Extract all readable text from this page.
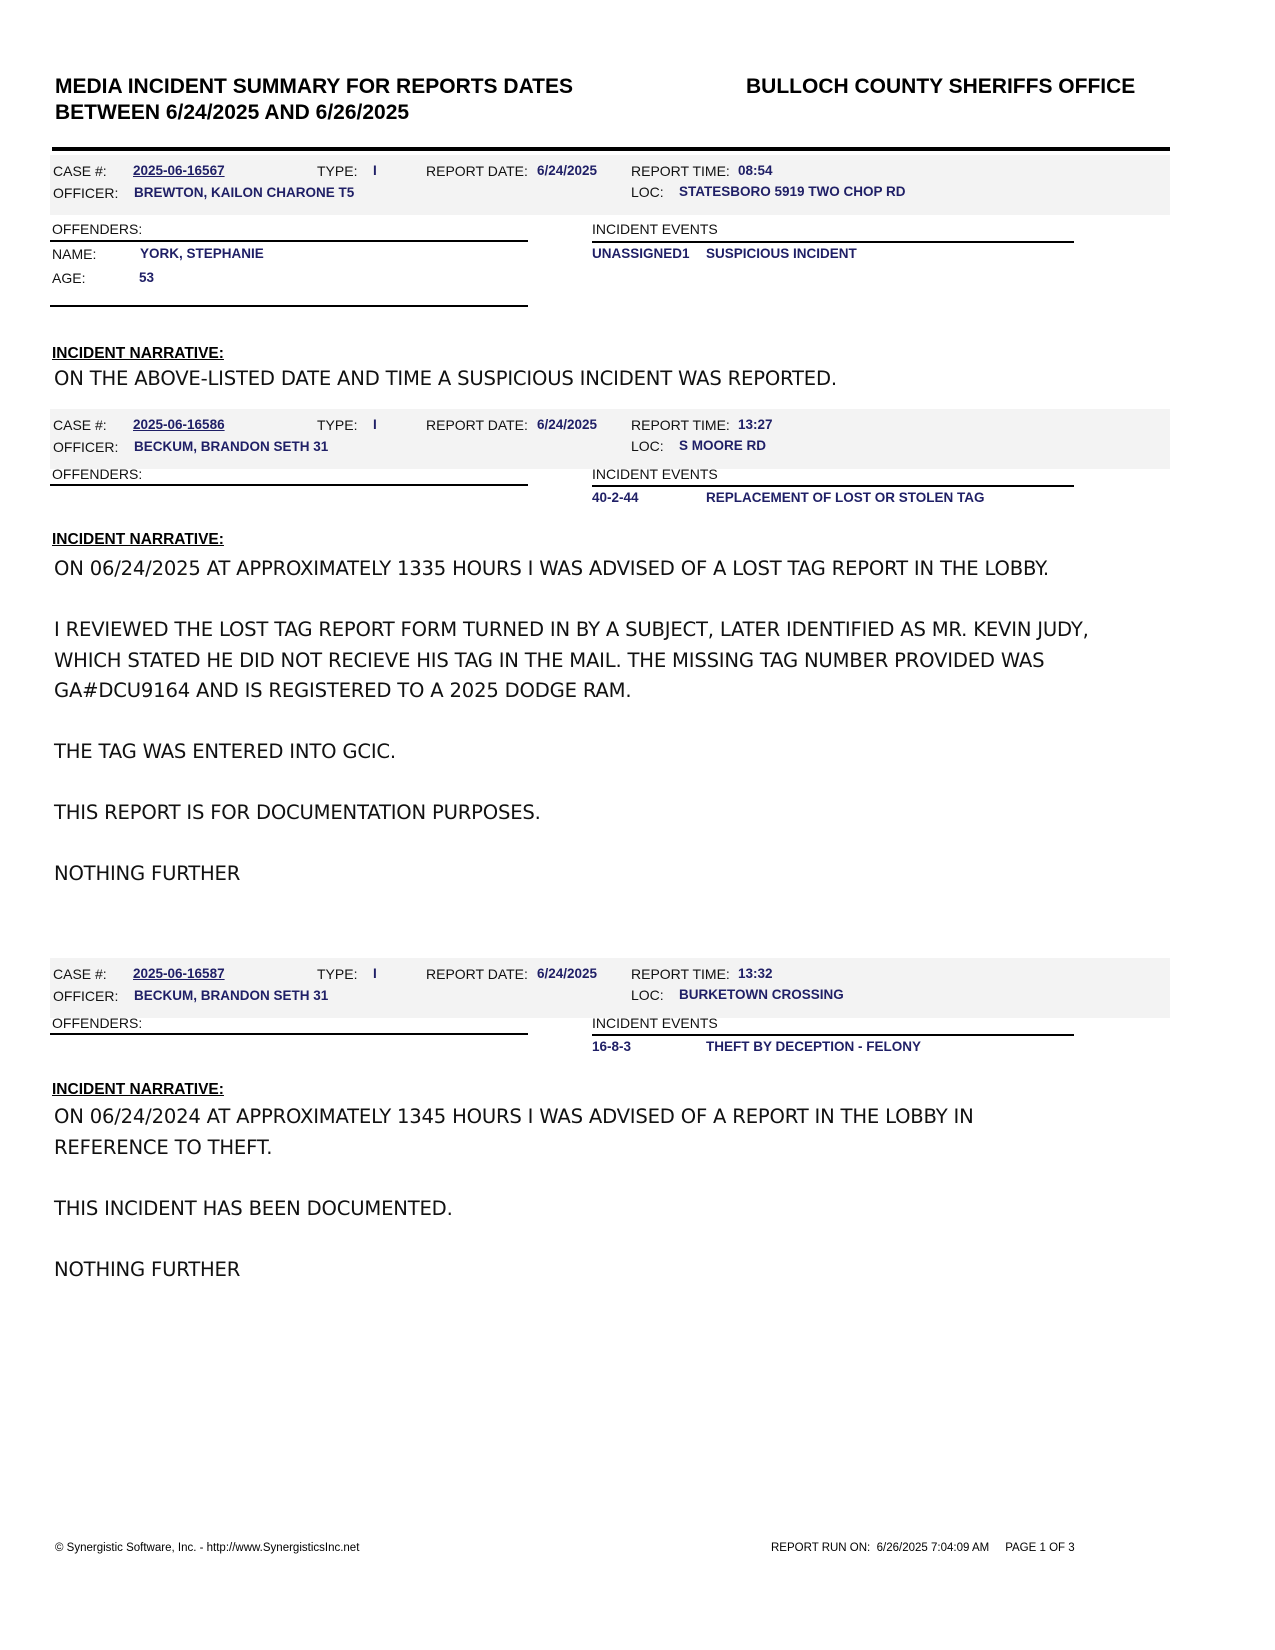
MEDIA INCIDENT SUMMARY FOR REPORTS DATES
BETWEEN 6/24/2025 AND 6/26/2025
BULLOCH COUNTY SHERIFFS OFFICE
CASE #: 2025-06-16567	TYPE: I	REPORT DATE: 6/24/2025 REPORT TIME: 08:54
OFFICER: BREWTON, KAILON CHARONE T5	LOC: STATESBORO 5919 TWO CHOP RD
OFFENDERS:
NAME:	YORK, STEPHANIE
AGE:	53
INCIDENT EVENTS
UNASSIGNED1 SUSPICIOUS INCIDENT
INCIDENT NARRATIVE:

ON THE ABOVE-LISTED DATE AND TIME A SUSPICIOUS INCIDENT WAS REPORTED.

CASE #: 2025-06-16586	TYPE: I	REPORT DATE: 6/24/2025 REPORT TIME: 13:27
OFFICER: BECKUM, BRANDON SETH 31	LOC: S MOORE RD
OFFENDERS:	INCIDENT EVENTS
40-2-44	REPLACEMENT OF LOST OR STOLEN TAG
INCIDENT NARRATIVE:

ON 06/24/2025 AT APPROXIMATELY 1335 HOURS I WAS ADVISED OF A LOST TAG REPORT IN THE LOBBY.

I REVIEWED THE LOST TAG REPORT FORM TURNED IN BY A SUBJECT, LATER IDENTIFIED AS MR. KEVIN JUDY,

WHICH STATED HE DID NOT RECIEVE HIS TAG IN THE MAIL. THE MISSING TAG NUMBER PROVIDED WAS

GA#DCU9164 AND IS REGISTERED TO A 2025 DODGE RAM.

THE TAG WAS ENTERED INTO GCIC.

THIS REPORT IS FOR DOCUMENTATION PURPOSES.

NOTHING FURTHER

CASE #: 2025-06-16587	TYPE: I	REPORT DATE: 6/24/2025 REPORT TIME: 13:32
OFFICER: BECKUM, BRANDON SETH 31	LOC: BURKETOWN CROSSING
OFFENDERS:	INCIDENT EVENTS
16-8-3	THEFT BY DECEPTION - FELONY
INCIDENT NARRATIVE:

ON 06/24/2024 AT APPROXIMATELY 1345 HOURS I WAS ADVISED OF A REPORT IN THE LOBBY IN

REFERENCE TO THEFT.

THIS INCIDENT HAS BEEN DOCUMENTED.

NOTHING FURTHER

© Synergistic Software, Inc. - http://www.SynergisticsInc.net	REPORT RUN ON: 6/26/2025 7:04:09 AM PAGE 1 OF 3
